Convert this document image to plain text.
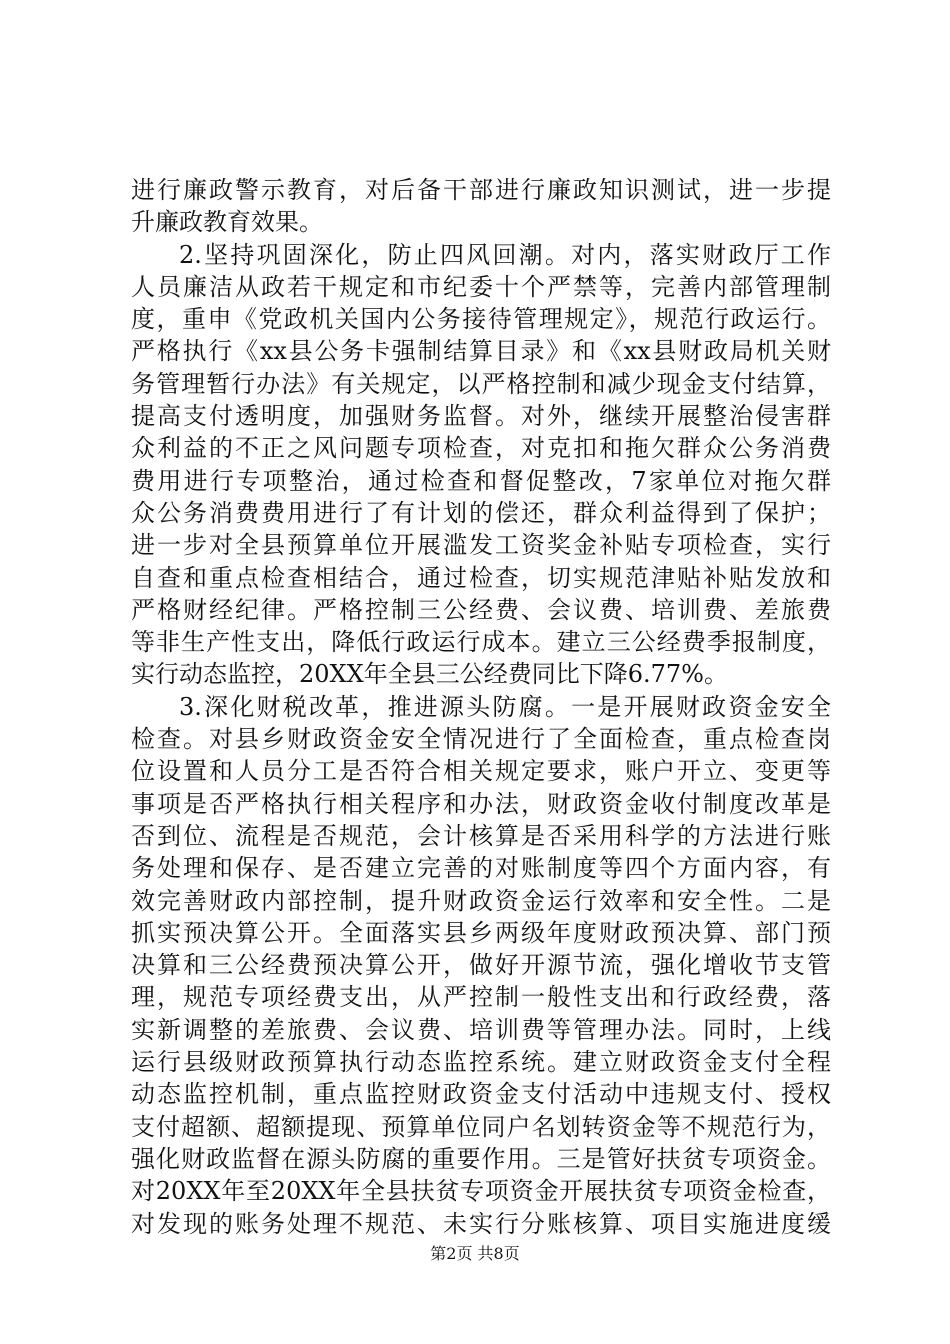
进行廉政警示教育，对后备干部进行廉政知识测试，进一步提
升廉政教育效果。
2.坚持巩固深化，防止四风回潮。对内，落实财政厅工作
人员廉洁从政若干规定和市纪委十个严禁等，完善内部管理制
度，重申《党政机关国内公务接待管理规定》，规范行政运行。
严格执行《xx县公务卡强制结算目录》和《xx县财政局机关财
务管理暂行办法》有关规定，以严格控制和减少现金支付结算，
提高支付透明度，加强财务监督。对外，继续开展整治侵害群
众利益的不正之风问题专项检查，对克扣和拖欠群众公务消费
费用进行专项整治，通过检查和督促整改，7家单位对拖欠群
众公务消费费用进行了有计划的偿还，群众利益得到了保护；
进一步对全县预算单位开展滥发工资奖金补贴专项检查，实行
自查和重点检查相结合，通过检查，切实规范津贴补贴发放和
严格财经纪律。严格控制三公经费、会议费、培训费、差旅费
等非生产性支出，降低行政运行成本。建立三公经费季报制度，
实行动态监控，20XX年全县三公经费同比下降6.77%。
3.深化财税改革，推进源头防腐。一是开展财政资金安全
检查。对县乡财政资金安全情况进行了全面检查，重点检查岗
位设置和人员分工是否符合相关规定要求，账户开立、变更等
事项是否严格执行相关程序和办法，财政资金收付制度改革是
否到位、流程是否规范，会计核算是否采用科学的方法进行账
务处理和保存、是否建立完善的对账制度等四个方面内容，有
效完善财政内部控制，提升财政资金运行效率和安全性。二是
抓实预决算公开。全面落实县乡两级年度财政预决算、部门预
决算和三公经费预决算公开，做好开源节流，强化增收节支管
理，规范专项经费支出，从严控制一般性支出和行政经费，落
实新调整的差旅费、会议费、培训费等管理办法。同时，上线
运行县级财政预算执行动态监控系统。建立财政资金支付全程
动态监控机制，重点监控财政资金支付活动中违规支付、授权
支付超额、超额提现、预算单位同户名划转资金等不规范行为，
强化财政监督在源头防腐的重要作用。三是管好扶贫专项资金。
对20XX年至20XX年全县扶贫专项资金开展扶贫专项资金检查，
对发现的账务处理不规范、未实行分账核算、项目实施进度缓
第2页 共8页
